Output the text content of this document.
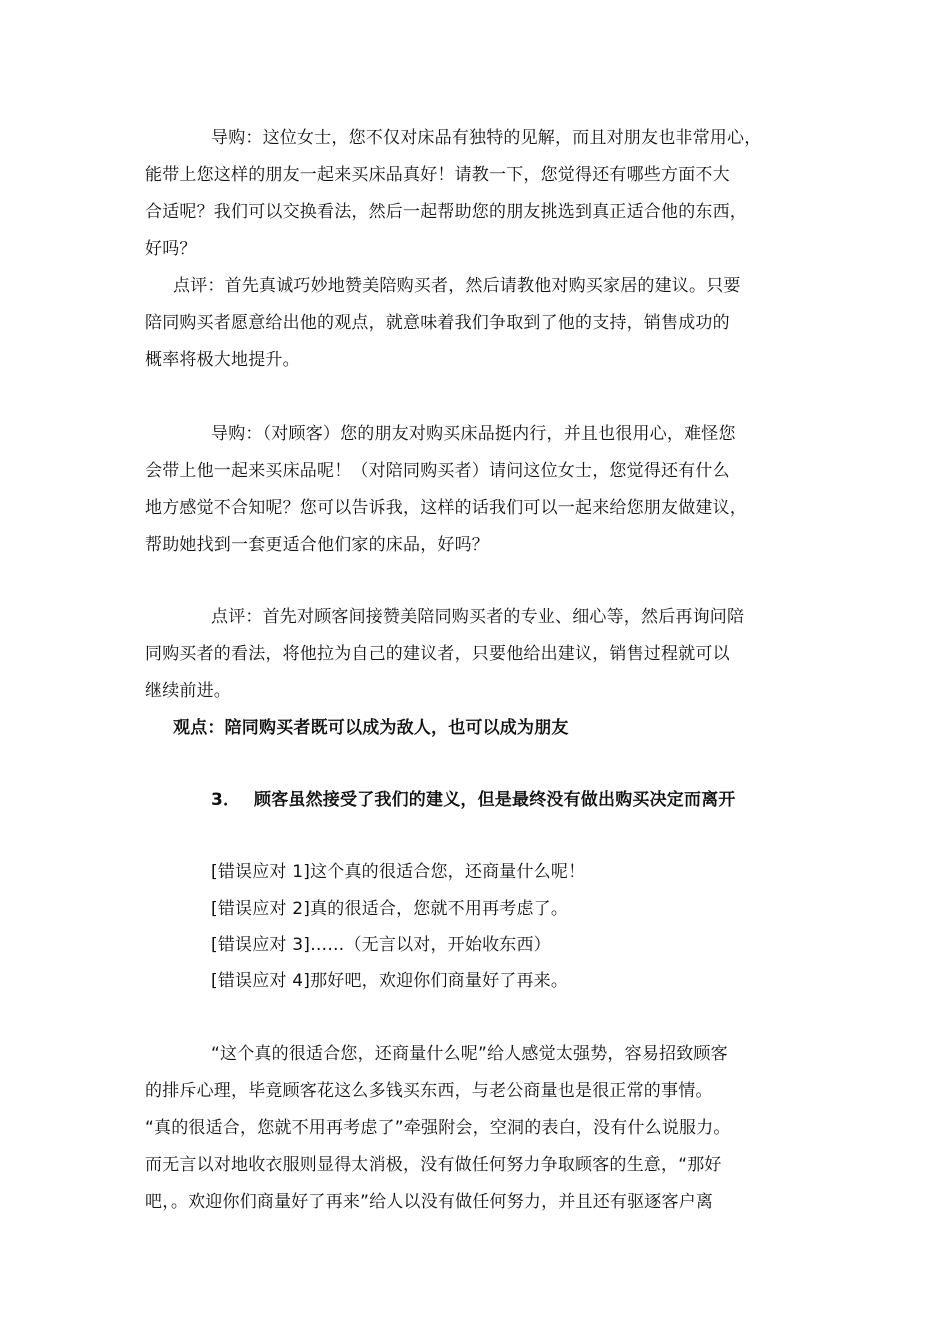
导购：这位女士，您不仅对床品有独特的见解，而且对朋友也非常用心，
能带上您这样的朋友一起来买床品真好！请教一下，您觉得还有哪些方面不大
合适呢？我们可以交换看法，然后一起帮助您的朋友挑选到真正适合他的东西，
好吗？
点评：首先真诚巧妙地赞美陪购买者，然后请教他对购买家居的建议。只要
陪同购买者愿意给出他的观点，就意味着我们争取到了他的支持，销售成功的
概率将极大地提升。
导购：（对顾客）您的朋友对购买床品挺内行，并且也很用心，难怪您
会带上他一起来买床品呢！（对陪同购买者）请问这位女士，您觉得还有什么
地方感觉不合知呢？您可以告诉我，这样的话我们可以一起来给您朋友做建议，
帮助她找到一套更适合他们家的床品，好吗？
点评：首先对顾客间接赞美陪同购买者的专业、细心等，然后再询问陪
同购买者的看法，将他拉为自己的建议者，只要他给出建议，销售过程就可以
继续前进。
观点：陪同购买者既可以成为敌人，也可以成为朋友
3． 顾客虽然接受了我们的建义，但是最终没有做出购买决定而离开
[错误应对 1]这个真的很适合您，还商量什么呢！
[错误应对 2]真的很适合，您就不用再考虑了。
[错误应对 3]……（无言以对，开始收东西）
[错误应对 4]那好吧，欢迎你们商量好了再来。
“这个真的很适合您，还商量什么呢”给人感觉太强势，容易招致顾客
的排斥心理，毕竟顾客花这么多钱买东西，与老公商量也是很正常的事情。
“真的很适合，您就不用再考虑了”牵强附会，空洞的表白，没有什么说服力。
而无言以对地收衣服则显得太消极，没有做任何努力争取顾客的生意，“那好
吧，。欢迎你们商量好了再来”给人以没有做任何努力，并且还有驱逐客户离
